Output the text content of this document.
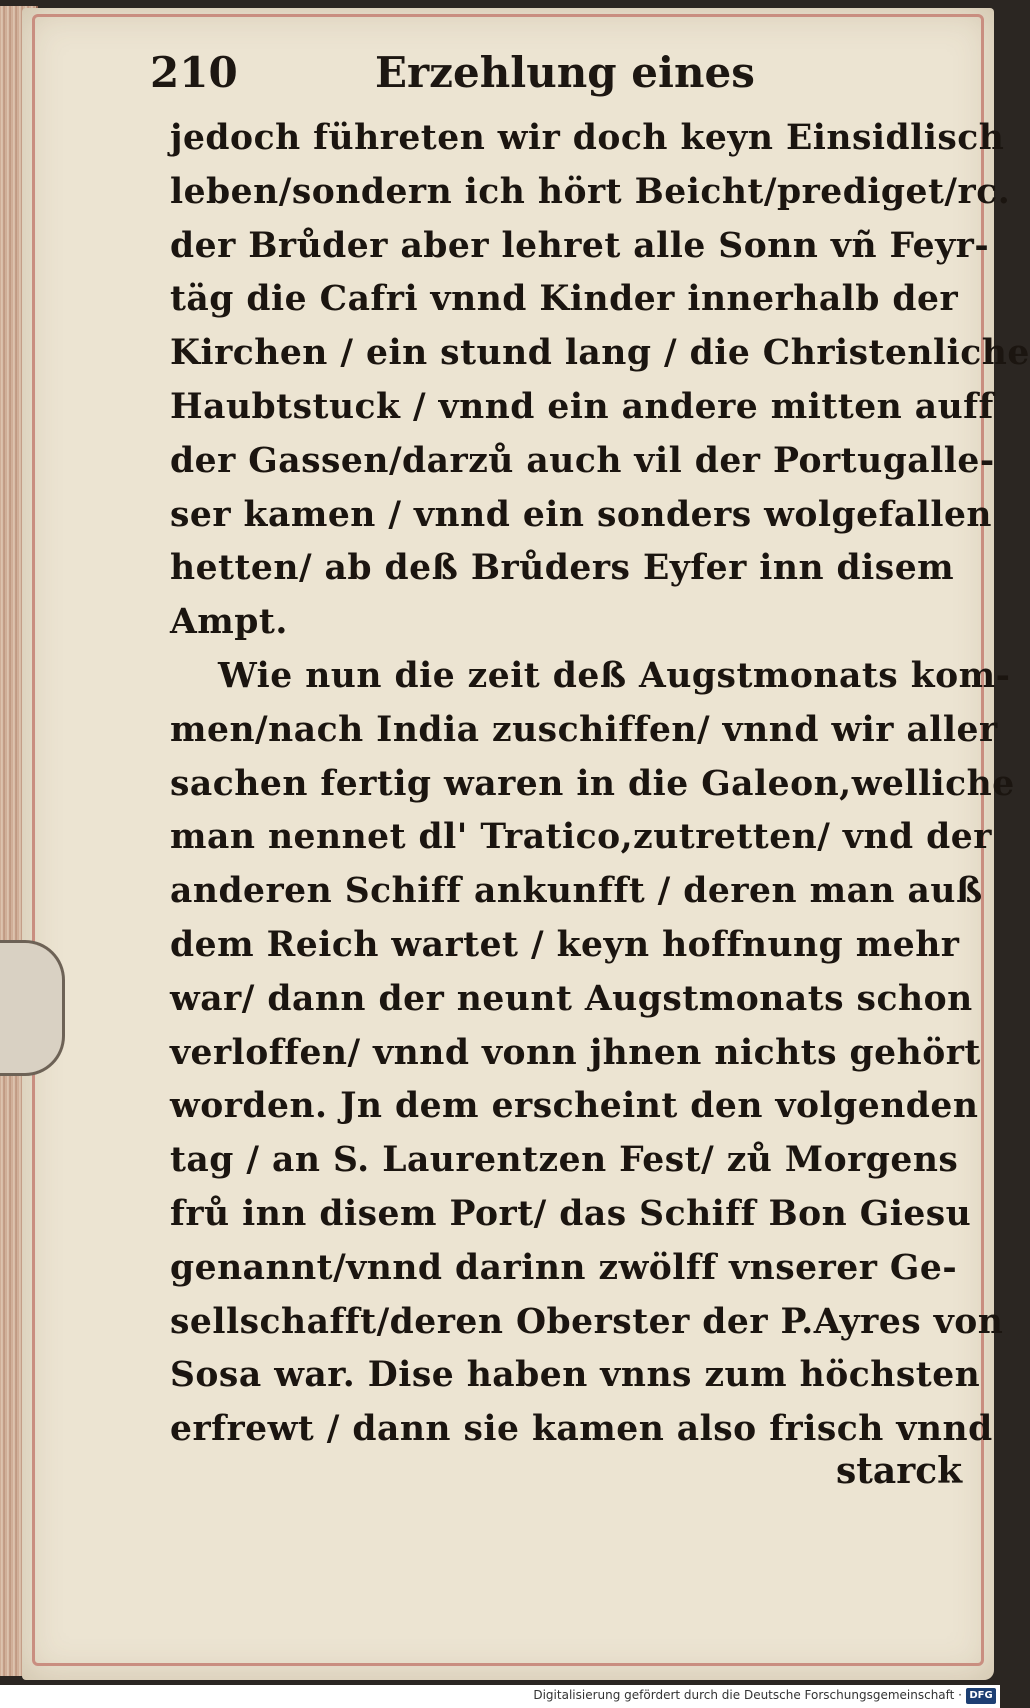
210	Erzehlung eines
jedoch führeten wir doch keyn Einsidlisch
leben/sondern ich hört Beicht/prediget/rc.
der Brůder aber lehret alle Sonn vñ Feyr-
täg die Cafri vnnd Kinder innerhalb der
Kirchen / ein stund lang / die Christenliche
Haubtstuck / vnnd ein andere mitten auff
der Gassen/darzů auch vil der Portugalle-
ser kamen / vnnd ein sonders wolgefallen
hetten/ ab deß Brůders Eyfer inn disem
Ampt.
Wie nun die zeit deß Augstmonats kom-
men/nach India zuschiffen/ vnnd wir aller
sachen fertig waren in die Galeon,welliche
man nennet dl' Tratico,zutretten/ vnd der
anderen Schiff ankunfft / deren man auß
dem Reich wartet / keyn hoffnung mehr
war/ dann der neunt Augstmonats schon
verloffen/ vnnd vonn jhnen nichts gehört
worden. Jn dem erscheint den volgenden
tag / an S. Laurentzen Fest/ zů Morgens
frů inn disem Port/ das Schiff Bon Giesu
genannt/vnnd darinn zwölff vnserer Ge-
sellschafft/deren Oberster der P.Ayres von
Sosa war. Dise haben vnns zum höchsten
erfrewt / dann sie kamen also frisch vnnd
starck
Digitalisierung gefördert durch die Deutsche Forschungsgemeinschaft · DFG
